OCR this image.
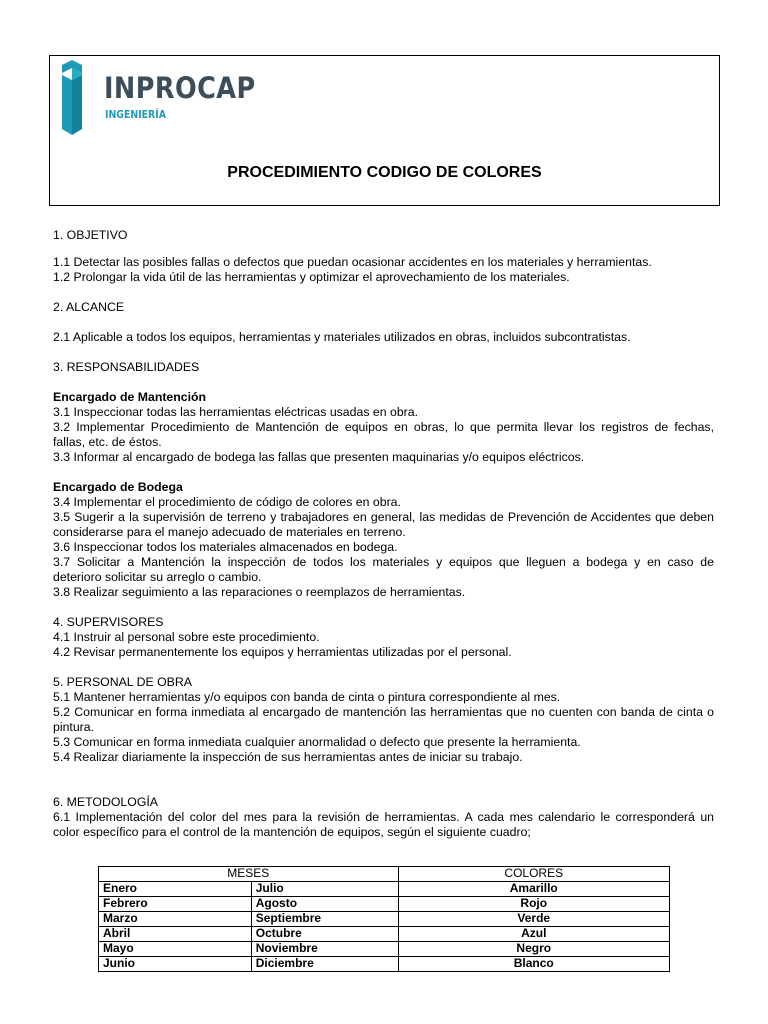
INPROCAP
INGENIERÍA
PROCEDIMIENTO CODIGO DE COLORES
1. OBJETIVO
1.1 Detectar las posibles fallas o defectos que puedan ocasionar accidentes en los materiales y herramientas.
1.2 Prolongar la vida útil de las herramientas y optimizar el aprovechamiento de los materiales.
2. ALCANCE
2.1 Aplicable a todos los equipos, herramientas y materiales utilizados en obras, incluidos subcontratistas.
3. RESPONSABILIDADES
Encargado de Mantención
3.1 Inspeccionar todas las herramientas eléctricas usadas en obra.
3.2 Implementar Procedimiento de Mantención de equipos en obras, lo que permita llevar los registros de fechas,
fallas, etc. de éstos.
3.3 Informar al encargado de bodega las fallas que presenten maquinarias y/o equipos eléctricos.
Encargado de Bodega
3.4 Implementar el procedimiento de código de colores en obra.
3.5 Sugerir a la supervisión de terreno y trabajadores en general, las medidas de Prevención de Accidentes que deben
considerarse para el manejo adecuado de materiales en terreno.
3.6 Inspeccionar todos los materiales almacenados en bodega.
3.7 Solicitar a Mantención la inspección de todos los materiales y equipos que lleguen a bodega y en caso de
deterioro solicitar su arreglo o cambio.
3.8 Realizar seguimiento a las reparaciones o reemplazos de herramientas.
4. SUPERVISORES
4.1 Instruir al personal sobre este procedimiento.
4.2 Revisar permanentemente los equipos y herramientas utilizadas por el personal.
5. PERSONAL DE OBRA
5.1 Mantener herramientas y/o equipos con banda de cinta o pintura correspondiente al mes.
5.2 Comunicar en forma inmediata al encargado de mantención las herramientas que no cuenten con banda de cinta o
pintura.
5.3 Comunicar en forma inmediata cualquier anormalidad o defecto que presente la herramienta.
5.4 Realizar diariamente la inspección de sus herramientas antes de iniciar su trabajo.
6. METODOLOGÍA
6.1 Implementación del color del mes para la revisión de herramientas. A cada mes calendario le corresponderá un
color específico para el control de la mantención de equipos, según el siguiente cuadro;
MESES		COLORES
Enero	Julio	Amarillo
Febrero	Agosto	Rojo
Marzo	Septiembre	Verde
Abril	Octubre	Azul
Mayo	Noviembre	Negro
Junio	Diciembre	Blanco
